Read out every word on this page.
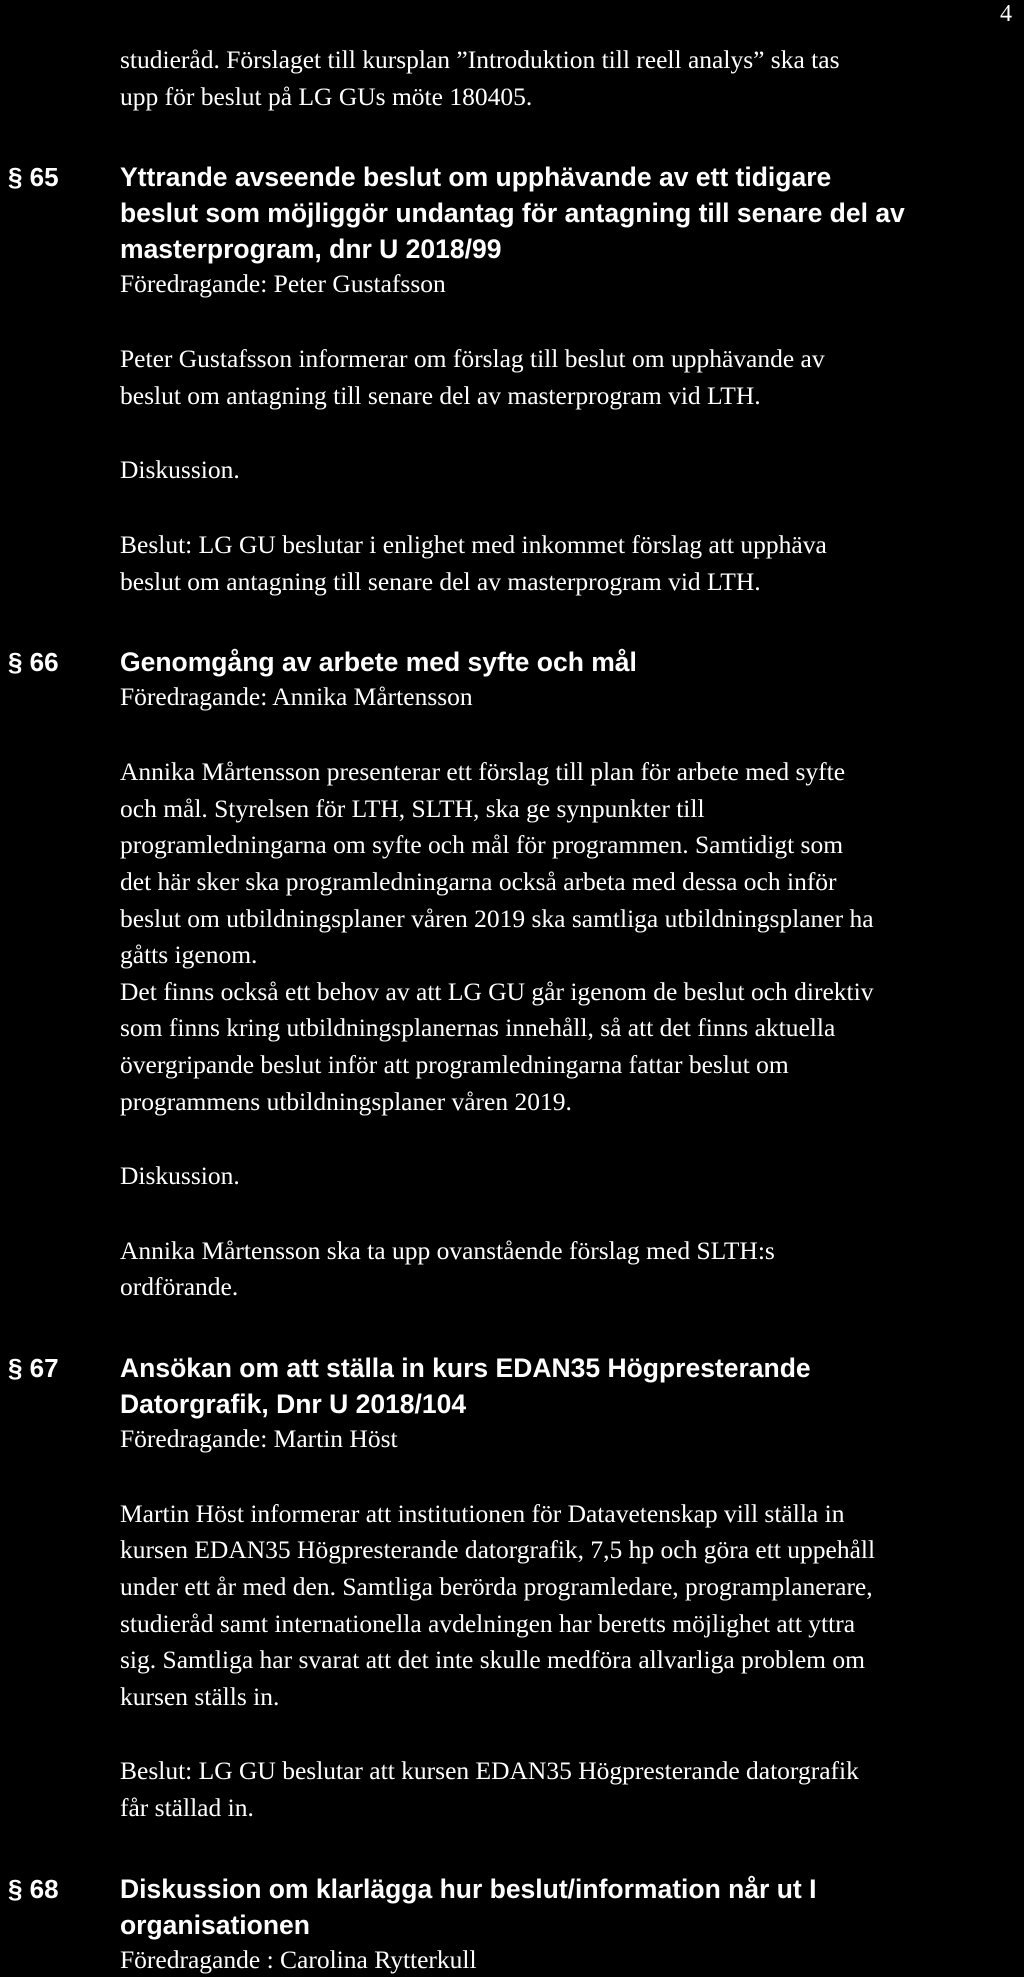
4

studieråd. Förslaget till kursplan ”Introduktion till reell analys” ska tas
upp för beslut på LG GUs möte 180405.

§ 65 Yttrande avseende beslut om upphävande av ett tidigare
beslut som möjliggör undantag för antagning till senare del av
masterprogram, dnr U 2018/99

Föredragande: Peter Gustafsson

Peter Gustafsson informerar om förslag till beslut om upphävande av
beslut om antagning till senare del av masterprogram vid LTH.

Diskussion.

Beslut: LG GU beslutar i enlighet med inkommet förslag att upphäva
beslut om antagning till senare del av masterprogram vid LTH.

§ 66 Genomgång av arbete med syfte och mål

Föredragande: Annika Mårtensson

Annika Mårtensson presenterar ett förslag till plan för arbete med syfte
och mål. Styrelsen för LTH, SLTH, ska ge synpunkter till
programledningarna om syfte och mål för programmen. Samtidigt som
det här sker ska programledningarna också arbeta med dessa och inför
beslut om utbildningsplaner våren 2019 ska samtliga utbildningsplaner ha
gåtts igenom.
Det finns också ett behov av att LG GU går igenom de beslut och direktiv
som finns kring utbildningsplanernas innehåll, så att det finns aktuella
övergripande beslut inför att programledningarna fattar beslut om
programmens utbildningsplaner våren 2019.

Diskussion.

Annika Mårtensson ska ta upp ovanstående förslag med SLTH:s
ordförande.

§ 67 Ansökan om att ställa in kurs EDAN35 Högpresterande
Datorgrafik, Dnr U 2018/104

Föredragande: Martin Höst

Martin Höst informerar att institutionen för Datavetenskap vill ställa in
kursen EDAN35 Högpresterande datorgrafik, 7,5 hp och göra ett uppehåll
under ett år med den. Samtliga berörda programledare, programplanerare,
studieråd samt internationella avdelningen har beretts möjlighet att yttra
sig. Samtliga har svarat att det inte skulle medföra allvarliga problem om
kursen ställs in.

Beslut: LG GU beslutar att kursen EDAN35 Högpresterande datorgrafik
får ställad in.

§ 68 Diskussion om klarlägga hur beslut/information når ut I
organisationen

Föredragande : Carolina Rytterkull
